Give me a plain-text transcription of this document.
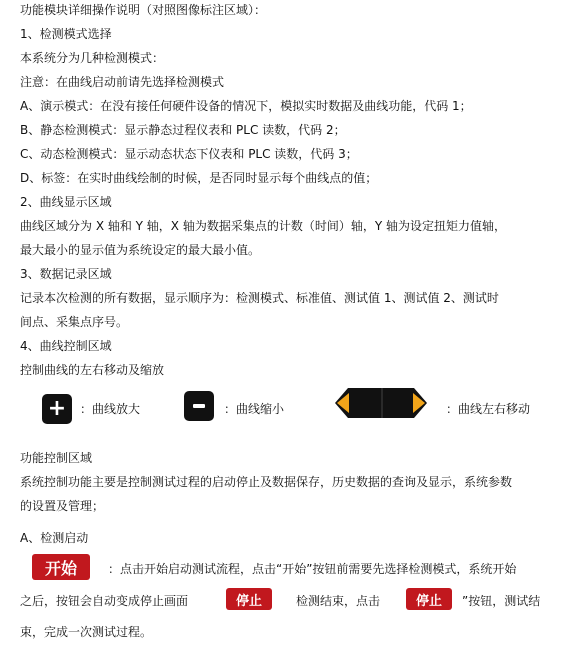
功能模块详细操作说明（对照图像标注区域）：
1、检测模式选择
本系统分为几种检测模式：
注意：在曲线启动前请先选择检测模式
A、演示模式：在没有接任何硬件设备的情况下，模拟实时数据及曲线功能，代码 1；
B、静态检测模式：显示静态过程仪表和 PLC 读数，代码 2；
C、动态检测模式：显示动态状态下仪表和 PLC 读数，代码 3；
D、标签：在实时曲线绘制的时候，是否同时显示每个曲线点的值；
2、曲线显示区域
曲线区域分为 X 轴和 Y 轴，X 轴为数据采集点的计数（时间）轴，Y 轴为设定扭矩力值轴，
最大最小的显示值为系统设定的最大最小值。
3、数据记录区域
记录本次检测的所有数据，显示顺序为：检测模式、标准值、测试值 1、测试值 2、测试时
间点、采集点序号。
4、曲线控制区域
控制曲线的左右移动及缩放
+ ：曲线放大	：曲线缩小	：曲线左右移动
功能控制区域
系统控制功能主要是控制测试过程的启动停止及数据保存，历史数据的查询及显示，系统参数
的设置及管理；
A、检测启动
开始	：点击开始启动测试流程，点击“开始”按钮前需要先选择检测模式，系统开始
之后，按钮会自动变成停止画面	停止	检测结束，点击	停止	”按钮，测试结
束，完成一次测试过程。
